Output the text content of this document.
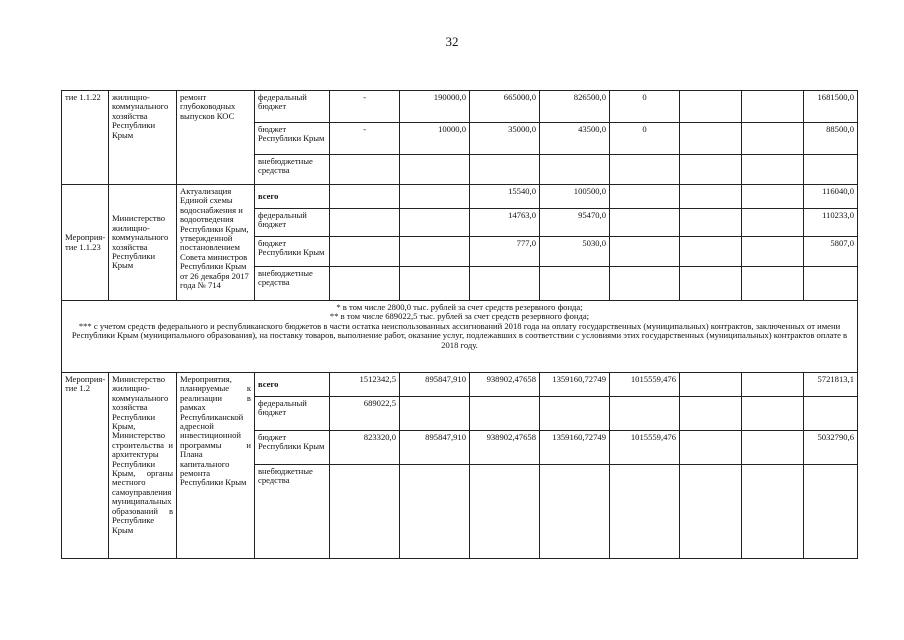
32
тие 1.1.22	жилищно-коммунального хозяйства Республики Крым	ремонт глубоководных выпусков КОС	федеральный бюджет	-	190000,0	665000,0	826500,0	0			1681500,0
			бюджет Республики Крым	-	10000,0	35000,0	43500,0	0			88500,0
			внебюджетные средства								
Мероприя-тие 1.1.23	Министерство жилищно-коммунального хозяйства Республики Крым	Актуализация Единой схемы водоснабжения и водоотведения Республики Крым, утвержденной постановлением Совета министров Республики Крым от 26 декабря 2017 года № 714	всего			15540,0	100500,0				116040,0
			федеральный бюджет			14763,0	95470,0				110233,0
			бюджет Республики Крым			777,0	5030,0				5807,0
			внебюджетные средства								

* в том числе 2800,0 тыс. рублей за счет средств резервного фонда;
** в том числе 689022,5 тыс. рублей за счет средств резервного фонда;
*** с учетом средств федерального и республиканского бюджетов в части остатка неиспользованных ассигнований 2018 года на оплату государственных (муниципальных) контрактов, заключенных от имени Республики Крым (муниципального образования), на поставку товаров, выполнение работ, оказание услуг, подлежавших в соответствии с условиями этих государственных (муниципальных) контрактов оплате в 2018 году.											

Мероприя-тие 1.2	Министерство жилищно-коммунального хозяйства Республики Крым, Министерство строительства и архитектуры Республики Крым, органы местного самоуправления муниципальных образований в Республике Крым	Мероприятия, планируемые к реализации в рамках Республиканской адресной инвестиционной программы и Плана капитального ремонта Республики Крым	всего	1512342,5	895847,910	938902,47658	1359160,72749	1015559,476			5721813,1
			федеральный бюджет	689022,5							
			бюджет Республики Крым	823320,0	895847,910	938902,47658	1359160,72749	1015559,476			5032790,6
			внебюджетные средства								
